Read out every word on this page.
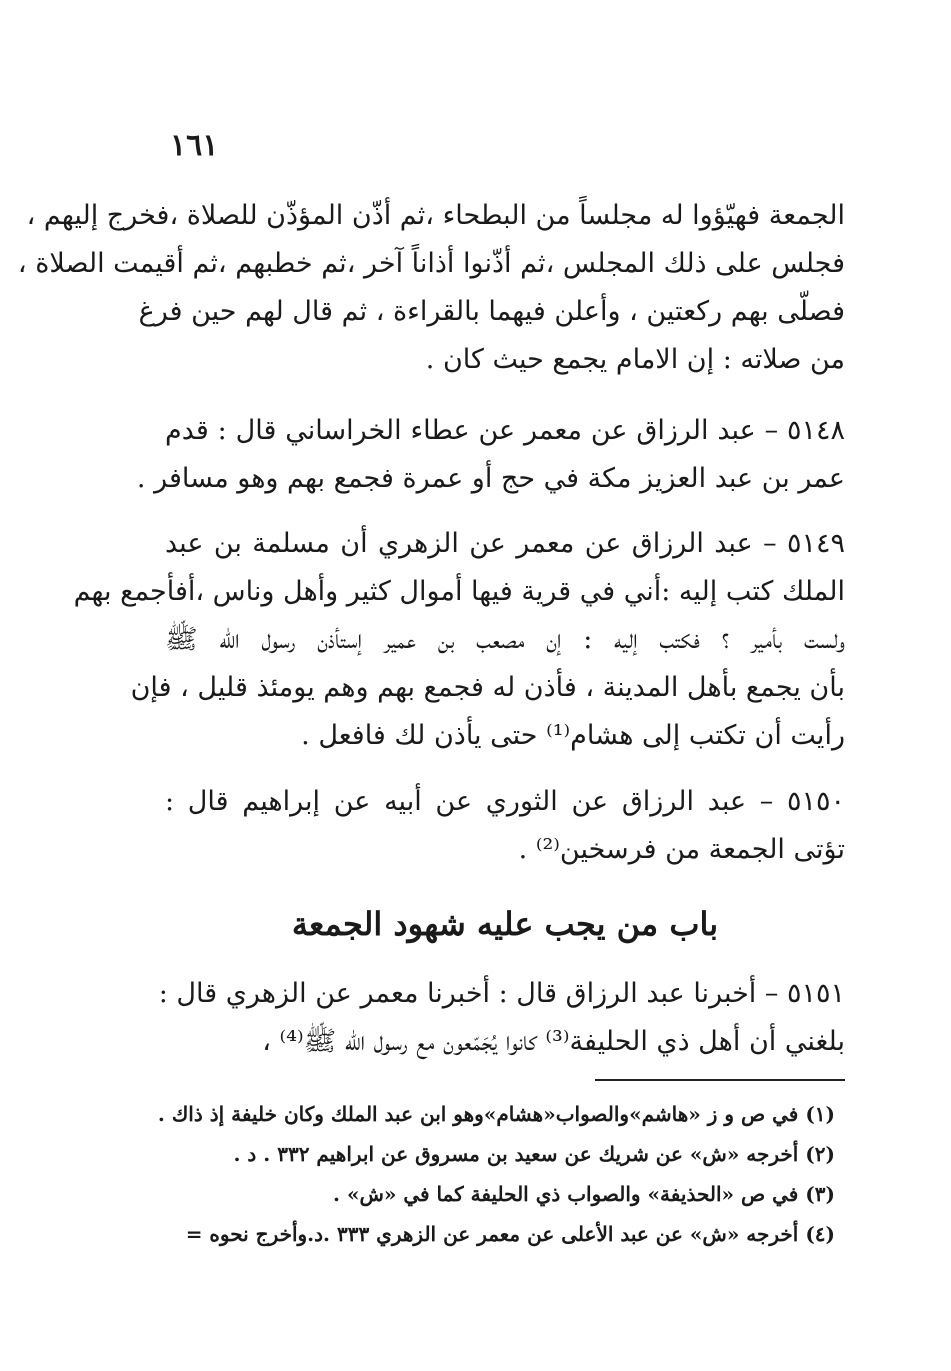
١٦١
الجمعة فهيّؤوا له مجلساً من البطحاء ،ثم أذّن المؤذّن للصلاة ،فخرج إليهم ،
فجلس على ذلك المجلس ،ثم أذّنوا أذاناً آخر ،ثم خطبهم ،ثم أقيمت الصلاة ،
فصلّى بهم ركعتين ، وأعلن فيهما بالقراءة ، ثم قال لهم حين فرغ
من صلاته : إن الامام يجمع حيث كان .
٥١٤٨ – عبد الرزاق عن معمر عن عطاء الخراساني قال : قدم
عمر بن عبد العزيز مكة في حج أو عمرة فجمع بهم وهو مسافر .
٥١٤٩ – عبد الرزاق عن معمر عن الزهري أن مسلمة بن عبد
الملك كتب إليه :أني في قرية فيها أموال كثير وأهل وناس ،أفأجمع بهم
ولست بأمير ؟ فكتب إليه : إن مصعب بن عمير إستأذن رسول الله ﷺ
بأن يجمع بأهل المدينة ، فأذن له فجمع بهم وهم يومئذ قليل ، فإن
رأيت أن تكتب إلى هشام⁽¹⁾ حتى يأذن لك فافعل .
٥١٥٠ – عبد الرزاق عن الثوري عن أبيه عن إبراهيم قال :
تؤتى الجمعة من فرسخين⁽²⁾ .
باب من يجب عليه شهود الجمعة
٥١٥١ – أخبرنا عبد الرزاق قال : أخبرنا معمر عن الزهري قال :
بلغني أن أهل ذي الحليفة⁽³⁾ كانوا يُجَمّعون مع رسول الله ﷺ⁽⁴⁾ ،
(١) في ص و ز «هاشم»والصواب«هشام»وهو ابن عبد الملك وكان خليفة إذ ذاك .
(٢) أخرجه «ش» عن شريك عن سعيد بن مسروق عن ابراهيم ٣٣٢ . د .
(٣) في ص «الحذيفة» والصواب ذي الحليفة كما في «ش» .
(٤) أخرجه «ش» عن عبد الأعلى عن معمر عن الزهري ٣٣٣ .د.وأخرج نحوه =
